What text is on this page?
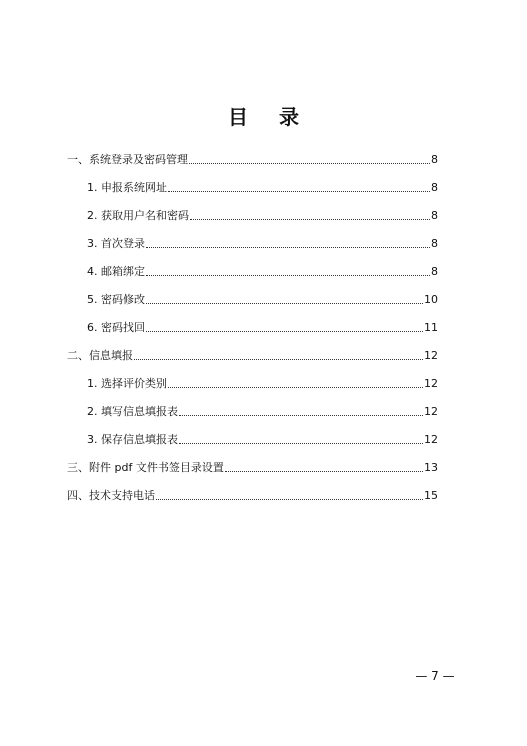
目 录
一、系统登录及密码管理	8
1. 申报系统网址	8
2. 获取用户名和密码	8
3. 首次登录	8
4. 邮箱绑定	8
5. 密码修改	10
6. 密码找回	11
二、信息填报	12
1. 选择评价类别	12
2. 填写信息填报表	12
3. 保存信息填报表	12
三、附件 pdf 文件书签目录设置	13
四、技术支持电话	15
— 7 —
